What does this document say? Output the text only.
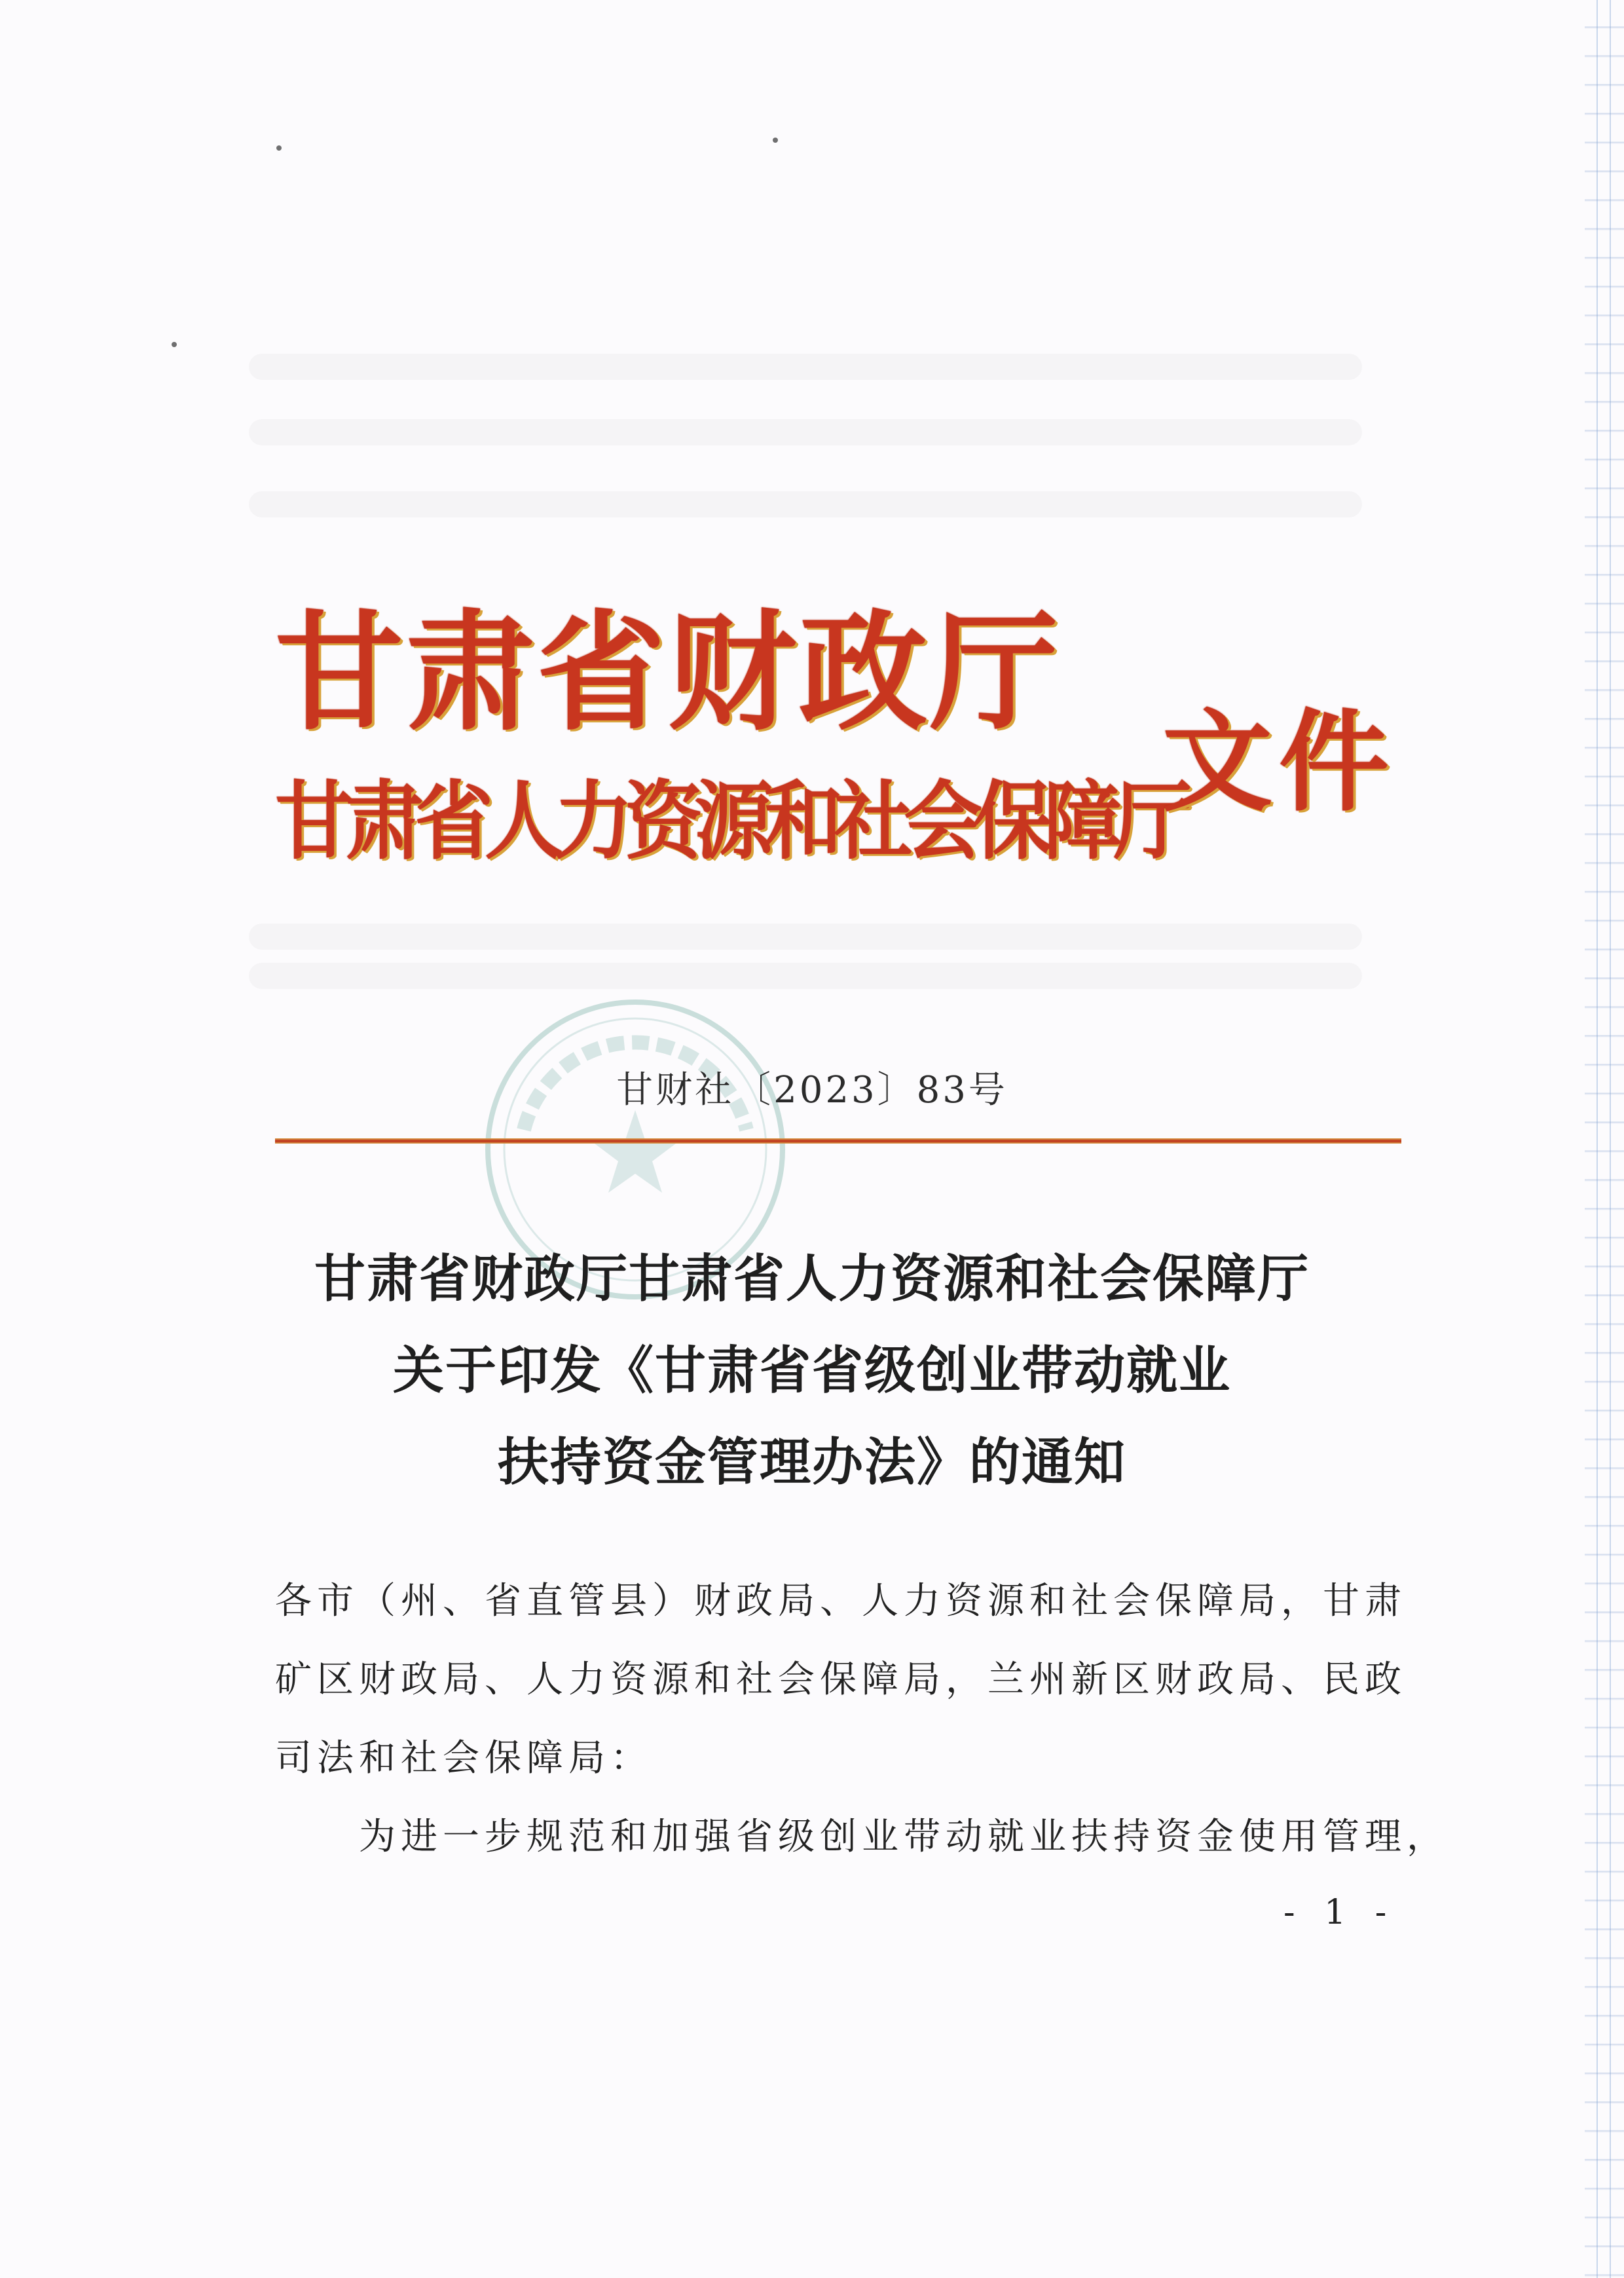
甘肃省财政厅
甘肃省人力资源和社会保障厅
文件
甘财社〔2023〕83号
甘肃省财政厅甘肃省人力资源和社会保障厅
关于印发《甘肃省省级创业带动就业
扶持资金管理办法》的通知
各市（州、省直管县）财政局、人力资源和社会保障局，甘肃
矿区财政局、人力资源和社会保障局，兰州新区财政局、民政
司法和社会保障局：
为进一步规范和加强省级创业带动就业扶持资金使用管理，
- 1 -
